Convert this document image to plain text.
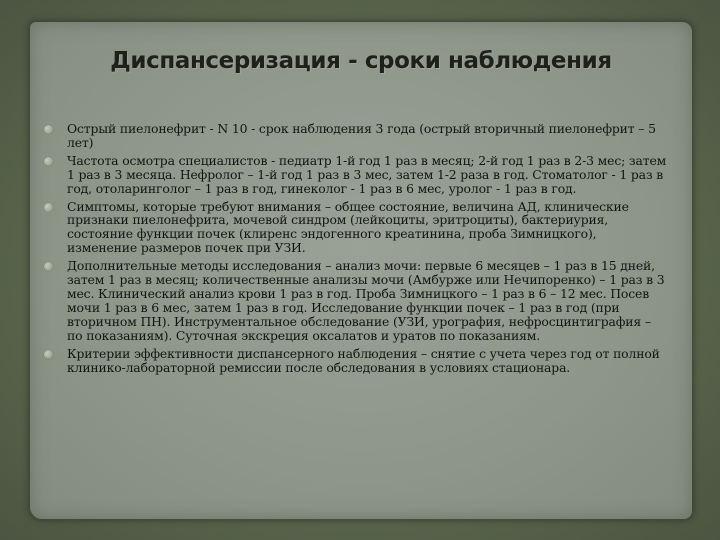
Диспансеризация - сроки наблюдения
Острый пиелонефрит - N 10 - срок наблюдения 3 года (острый вторичный пиелонефрит – 5 лет)
Частота осмотра специалистов - педиатр 1-й год 1 раз в месяц; 2-й год 1 раз в 2-3 мес; затем 1 раз в 3 месяца. Нефролог – 1-й год 1 раз в 3 мес, затем 1-2 раза в год. Стоматолог - 1 раз в год, отоларинголог – 1 раз в год, гинеколог - 1 раз в 6 мес, уролог - 1 раз в год.
Симптомы, которые требуют внимания – общее состояние, величина АД, клинические признаки пиелонефрита, мочевой синдром (лейкоциты, эритроциты), бактериурия, состояние функции почек (клиренс эндогенного креатинина, проба Зимницкого), изменение размеров почек при УЗИ.
Дополнительные методы исследования – анализ мочи: первые 6 месяцев – 1 раз в 15 дней, затем 1 раз в месяц; количественные анализы мочи (Амбурже или Нечипоренко) – 1 раз в 3 мес. Клинический анализ крови 1 раз в год. Проба Зимницкого – 1 раз в 6 – 12 мес. Посев мочи 1 раз в 6 мес, затем 1 раз в год. Исследование функции почек – 1 раз в год (при вторичном ПН). Инструментальное обследование (УЗИ, урография, нефросцинтиграфия – по показаниям). Суточная экскреция оксалатов и уратов по показаниям.
Критерии эффективности диспансерного наблюдения – снятие с учета через год от полной клинико-лабораторной ремиссии после обследования в условиях стационара.
